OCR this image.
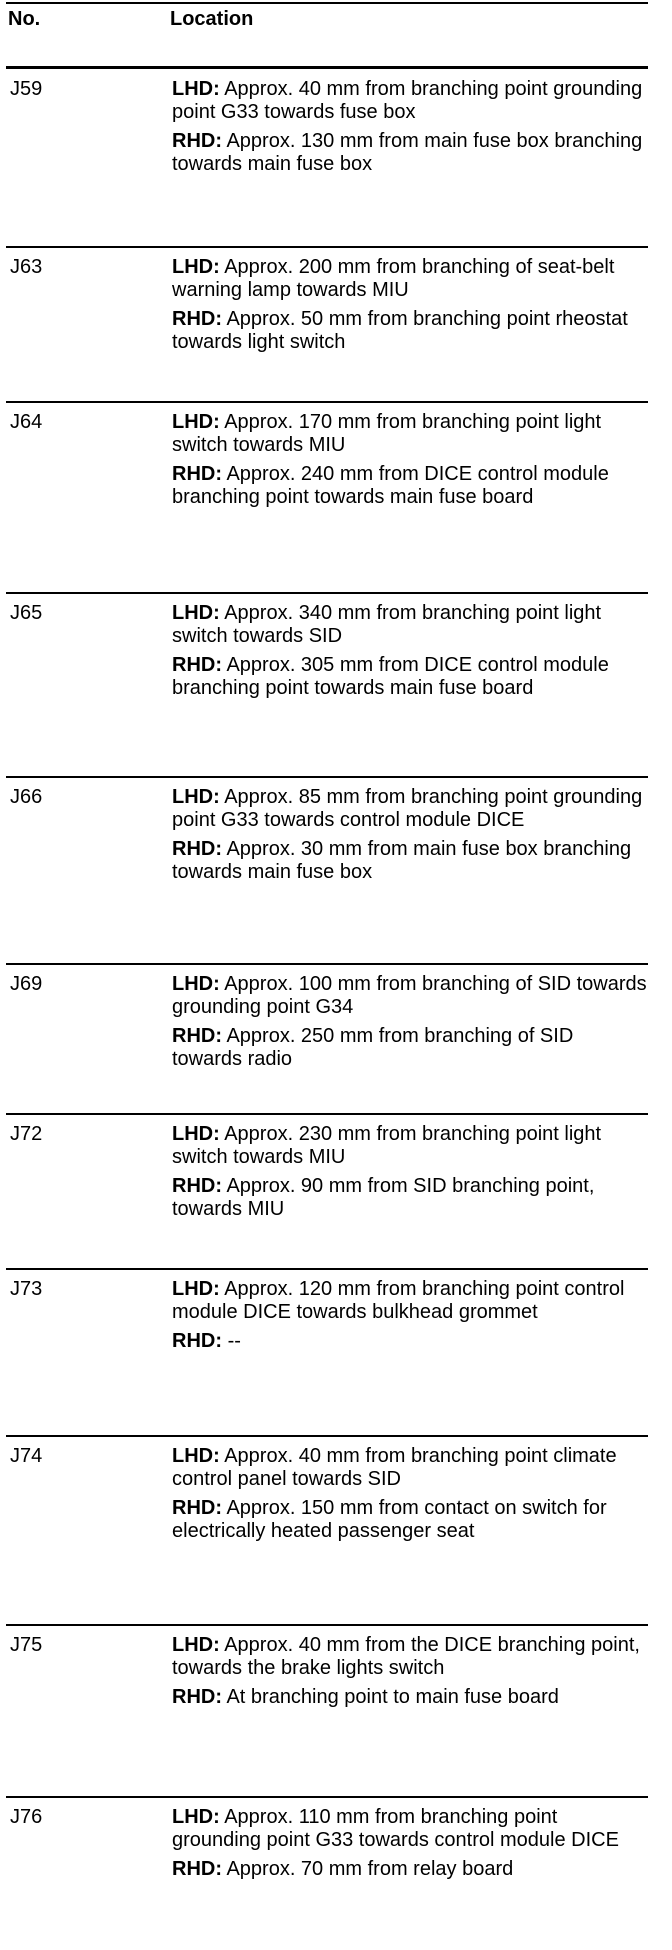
No.	Location
J59	LHD: Approx. 40 mm from branching point grounding point G33 towards fuse box

RHD: Approx. 130 mm from main fuse box branching towards main fuse box

J63	LHD: Approx. 200 mm from branching of seat-belt warning lamp towards MIU

RHD: Approx. 50 mm from branching point rheostat towards light switch

J64	LHD: Approx. 170 mm from branching point light switch towards MIU

RHD: Approx. 240 mm from DICE control module branching point towards main fuse board

J65	LHD: Approx. 340 mm from branching point light switch towards SID

RHD: Approx. 305 mm from DICE control module branching point towards main fuse board

J66	LHD: Approx. 85 mm from branching point grounding point G33 towards control module DICE

RHD: Approx. 30 mm from main fuse box branching towards main fuse box

J69	LHD: Approx. 100 mm from branching of SID towards grounding point G34

RHD: Approx. 250 mm from branching of SID towards radio

J72	LHD: Approx. 230 mm from branching point light switch towards MIU

RHD: Approx. 90 mm from SID branching point, towards MIU

J73	LHD: Approx. 120 mm from branching point control module DICE towards bulkhead grommet

RHD: --

J74	LHD: Approx. 40 mm from branching point climate control panel towards SID

RHD: Approx. 150 mm from contact on switch for electrically heated passenger seat

J75	LHD: Approx. 40 mm from the DICE branching point, towards the brake lights switch

RHD: At branching point to main fuse board

J76	LHD: Approx. 110 mm from branching point grounding point G33 towards control module DICE

RHD: Approx. 70 mm from relay board
